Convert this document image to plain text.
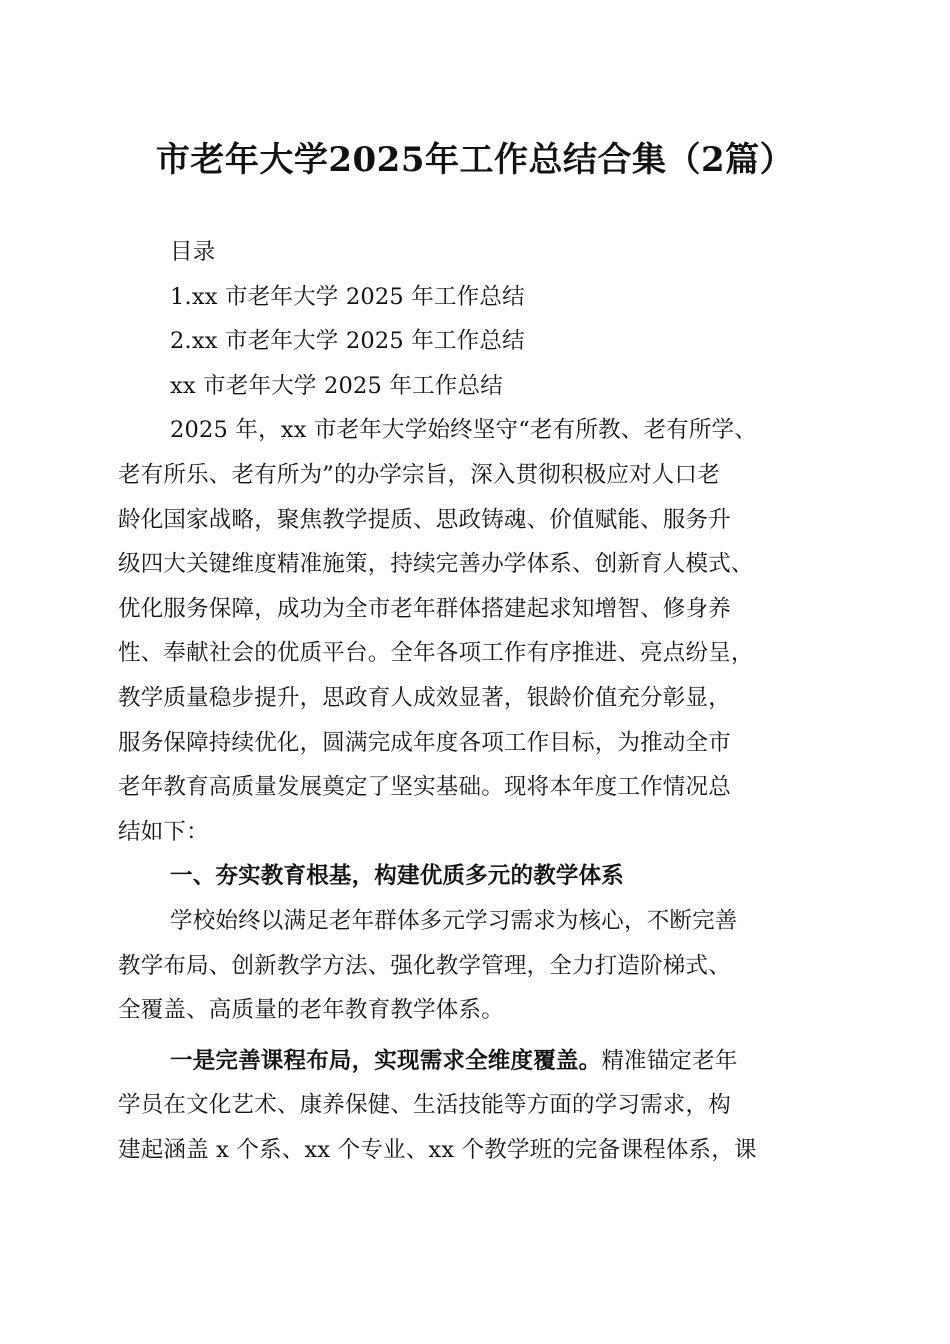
市老年大学2025年工作总结合集（2篇）

目录

1.xx 市老年大学 2025 年工作总结

2.xx 市老年大学 2025 年工作总结

xx 市老年大学 2025 年工作总结

2025 年，xx 市老年大学始终坚守“老有所教、老有所学、

老有所乐、老有所为”的办学宗旨，深入贯彻积极应对人口老

龄化国家战略，聚焦教学提质、思政铸魂、价值赋能、服务升

级四大关键维度精准施策，持续完善办学体系、创新育人模式、

优化服务保障，成功为全市老年群体搭建起求知增智、修身养

性、奉献社会的优质平台。全年各项工作有序推进、亮点纷呈，

教学质量稳步提升，思政育人成效显著，银龄价值充分彰显，

服务保障持续优化，圆满完成年度各项工作目标，为推动全市

老年教育高质量发展奠定了坚实基础。现将本年度工作情况总

结如下：

一、夯实教育根基，构建优质多元的教学体系

学校始终以满足老年群体多元学习需求为核心，不断完善

教学布局、创新教学方法、强化教学管理，全力打造阶梯式、

全覆盖、高质量的老年教育教学体系。

一是完善课程布局，实现需求全维度覆盖。精准锚定老年

学员在文化艺术、康养保健、生活技能等方面的学习需求，构

建起涵盖 x 个系、xx 个专业、xx 个教学班的完备课程体系，课
